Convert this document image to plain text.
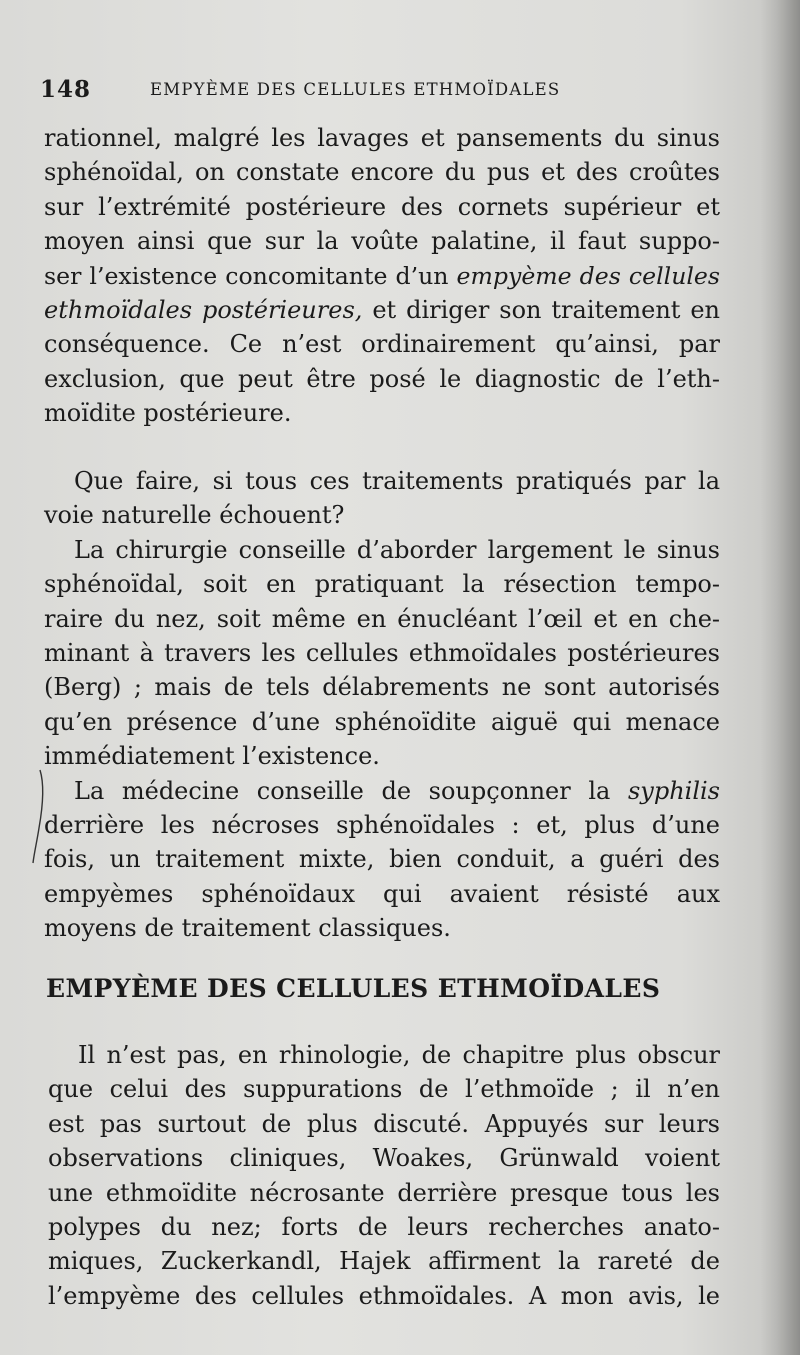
148	EMPYÈME DES CELLULES ETHMOÏDALES
rationnel, malgré les lavages et pansements du sinus
sphénoïdal, on constate encore du pus et des croûtes
sur l’extrémité postérieure des cornets supérieur et
moyen ainsi que sur la voûte palatine, il faut suppo-
ser l’existence concomitante d’un empyème des cellules
ethmoïdales postérieures, et diriger son traitement en
conséquence. Ce n’est ordinairement qu’ainsi, par
exclusion, que peut être posé le diagnostic de l’eth-
moïdite postérieure.
Que faire, si tous ces traitements pratiqués par la
voie naturelle échouent?
La chirurgie conseille d’aborder largement le sinus
sphénoïdal, soit en pratiquant la résection tempo-
raire du nez, soit même en énucléant l’œil et en che-
minant à travers les cellules ethmoïdales postérieures
(Berg) ; mais de tels délabrements ne sont autorisés
qu’en présence d’une sphénoïdite aiguë qui menace
immédiatement l’existence.
La médecine conseille de soupçonner la syphilis
derrière les nécroses sphénoïdales : et, plus d’une
fois, un traitement mixte, bien conduit, a guéri des
empyèmes sphénoïdaux qui avaient résisté aux
moyens de traitement classiques.
EMPYÈME DES CELLULES ETHMOÏDALES
Il n’est pas, en rhinologie, de chapitre plus obscur
que celui des suppurations de l’ethmoïde ; il n’en
est pas surtout de plus discuté. Appuyés sur leurs
observations cliniques, Woakes, Grünwald voient
une ethmoïdite nécrosante derrière presque tous les
polypes du nez; forts de leurs recherches anato-
miques, Zuckerkandl, Hajek affirment la rareté de
l’empyème des cellules ethmoïdales. A mon avis, le
